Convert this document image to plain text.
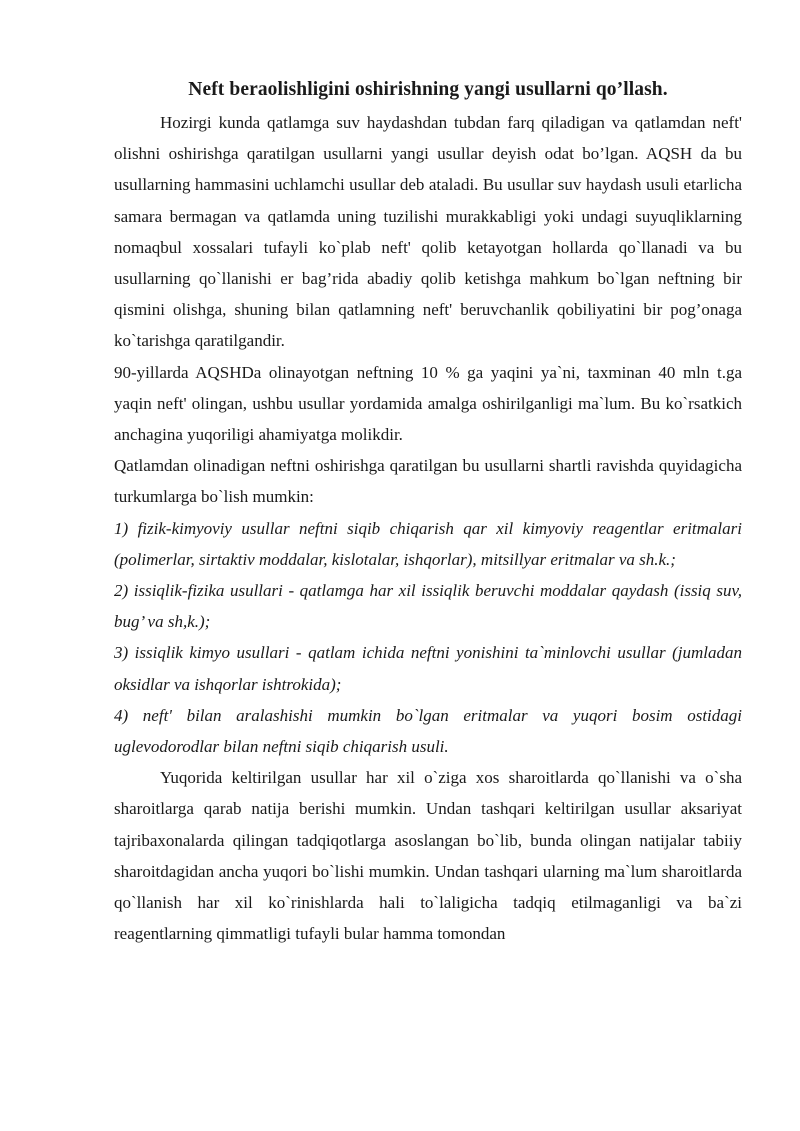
Neft beraolishligini oshirishning yangi usullarni qo’llash.

Hozirgi kunda qatlamga suv haydashdan tubdan farq qiladigan va qatlamdan neft' olishni oshirishga qaratilgan usullarni yangi usullar deyish odat bo’lgan. AQSH da bu usullarning hammasini uchlamchi usullar deb ataladi. Bu usullar suv haydash usuli etarlicha samara bermagan va qatlamda uning tuzilishi murakkabligi yoki undagi suyuqliklarning nomaqbul xossalari tufayli ko`plab neft' qolib ketayotgan hollarda qo`llanadi va bu usullarning qo`llanishi er bag’rida abadiy qolib ketishga mahkum bo`lgan neftning bir qismini olishga, shuning bilan qatlamning neft' beruvchanlik qobiliyatini bir pog’onaga ko`tarishga qaratilgandir.

90-yillarda AQSHDa olinayotgan neftning 10 % ga yaqini ya`ni, taxminan 40 mln t.ga yaqin neft' olingan, ushbu usullar yordamida amalga oshirilganligi ma`lum. Bu ko`rsatkich anchagina yuqoriligi ahamiyatga molikdir.

Qatlamdan olinadigan neftni oshirishga qaratilgan bu usullarni shartli ravishda quyidagicha turkumlarga bo`lish mumkin:

1) fizik-kimyoviy usullar neftni siqib chiqarish qar xil kimyoviy reagentlar eritmalari (polimerlar, sirtaktiv moddalar, kislotalar, ishqorlar), mitsillyar eritmalar va sh.k.;

2) issiqlik-fizika usullari - qatlamga har xil issiqlik beruvchi moddalar qaydash (issiq suv, bug’ va sh,k.);

3) issiqlik kimyo usullari - qatlam ichida neftni yonishini ta`minlovchi usullar (jumladan oksidlar va ishqorlar ishtrokida);

4) neft' bilan aralashishi mumkin bo`lgan eritmalar va yuqori bosim ostidagi uglevodorodlar bilan neftni siqib chiqarish usuli.

Yuqorida keltirilgan usullar har xil o`ziga xos sharoitlarda qo`llanishi va o`sha sharoitlarga qarab natija berishi mumkin. Undan tashqari keltirilgan usullar aksariyat tajribaxonalarda qilingan tadqiqotlarga asoslangan bo`lib, bunda olingan natijalar tabiiy sharoitdagidan ancha yuqori bo`lishi mumkin. Undan tashqari ularning ma`lum sharoitlarda qo`llanish har xil ko`rinishlarda hali to`laligicha tadqiq etilmaganligi va ba`zi reagentlarning qimmatligi tufayli bular hamma tomondan
